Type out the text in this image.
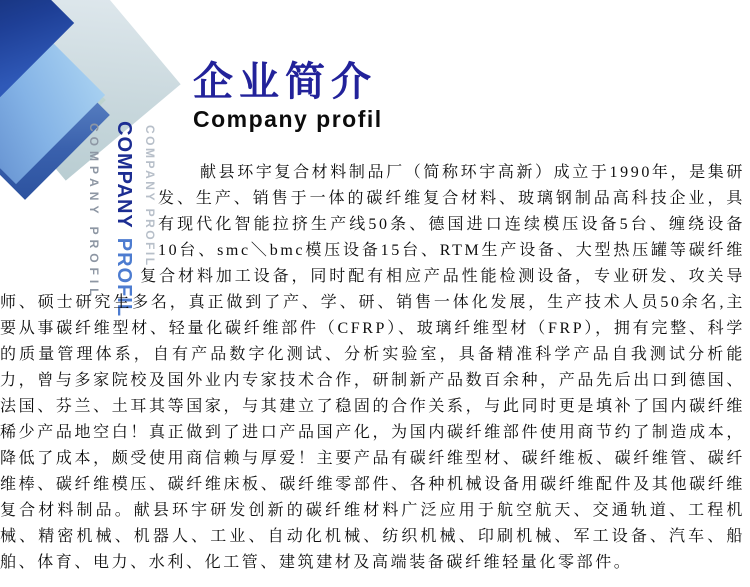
COMPANY PROFIL COMPANYPROFIL
COMPANY PROFIL
企业简介
Company profil
献县环宇复合材料制品厂（简称环宇高新）成立于1990年，是集研发、生产、销售于一体的碳纤维复合材料、玻璃钢制品高科技企业，具有现代化智能拉挤生产线50条、德国进口连续模压设备5台、缠绕设备10台、smc＼bmc模压设备15台、RTM生产设备、大型热压罐等碳纤维复合材料加工设备，同时配有相应产品性能检测设备，专业研发、攻关导师、硕士研究生多名，真正做到了产、学、研、销售一体化发展，生产技术人员50余名,主要从事碳纤维型材、轻量化碳纤维部件（CFRP）、玻璃纤维型材（FRP），拥有完整、科学的质量管理体系，自有产品数字化测试、分析实验室，具备精准科学产品自我测试分析能力，曾与多家院校及国外业内专家技术合作，研制新产品数百余种，产品先后出口到德国、法国、芬兰、土耳其等国家，与其建立了稳固的合作关系，与此同时更是填补了国内碳纤维稀少产品地空白！真正做到了进口产品国产化，为国内碳纤维部件使用商节约了制造成本，降低了成本，颇受使用商信赖与厚爱！主要产品有碳纤维型材、碳纤维板、碳纤维管、碳纤维棒、碳纤维模压、碳纤维床板、碳纤维零部件、各种机械设备用碳纤维配件及其他碳纤维复合材料制品。献县环宇研发创新的碳纤维材料广泛应用于航空航天、交通轨道、工程机械、精密机械、机器人、工业、自动化机械、纺织机械、印刷机械、军工设备、汽车、船舶、体育、电力、水利、化工管、建筑建材及高端装备碳纤维轻量化零部件。
